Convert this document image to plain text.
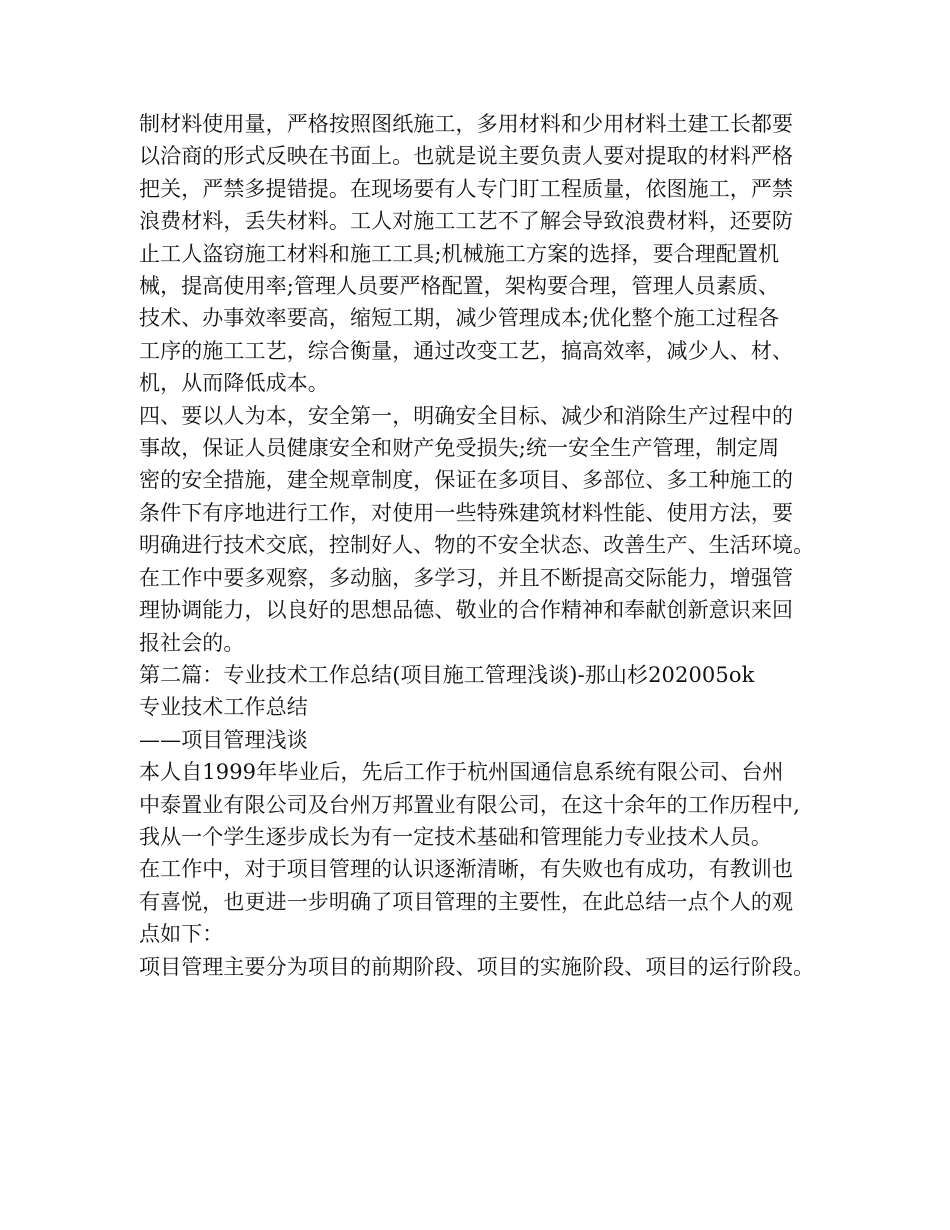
制材料使用量，严格按照图纸施工，多用材料和少用材料土建工长都要
以洽商的形式反映在书面上。也就是说主要负责人要对提取的材料严格
把关，严禁多提错提。在现场要有人专门盯工程质量，依图施工，严禁
浪费材料，丢失材料。工人对施工工艺不了解会导致浪费材料，还要防
止工人盗窃施工材料和施工工具;机械施工方案的选择，要合理配置机
械，提高使用率;管理人员要严格配置，架构要合理，管理人员素质、
技术、办事效率要高，缩短工期，减少管理成本;优化整个施工过程各
工序的施工工艺，综合衡量，通过改变工艺，搞高效率，减少人、材、
机，从而降低成本。
四、要以人为本，安全第一，明确安全目标、减少和消除生产过程中的
事故，保证人员健康安全和财产免受损失;统一安全生产管理，制定周
密的安全措施，建全规章制度，保证在多项目、多部位、多工种施工的
条件下有序地进行工作，对使用一些特殊建筑材料性能、使用方法，要
明确进行技术交底，控制好人、物的不安全状态、改善生产、生活环境。
在工作中要多观察，多动脑，多学习，并且不断提高交际能力，增强管
理协调能力，以良好的思想品德、敬业的合作精神和奉献创新意识来回
报社会的。
第二篇：专业技术工作总结(项目施工管理浅谈)-那山杉202005ok
专业技术工作总结
——项目管理浅谈
本人自1999年毕业后，先后工作于杭州国通信息系统有限公司、台州
中泰置业有限公司及台州万邦置业有限公司，在这十余年的工作历程中,
我从一个学生逐步成长为有一定技术基础和管理能力专业技术人员。
在工作中，对于项目管理的认识逐渐清晰，有失败也有成功，有教训也
有喜悦，也更进一步明确了项目管理的主要性，在此总结一点个人的观
点如下：
项目管理主要分为项目的前期阶段、项目的实施阶段、项目的运行阶段。
